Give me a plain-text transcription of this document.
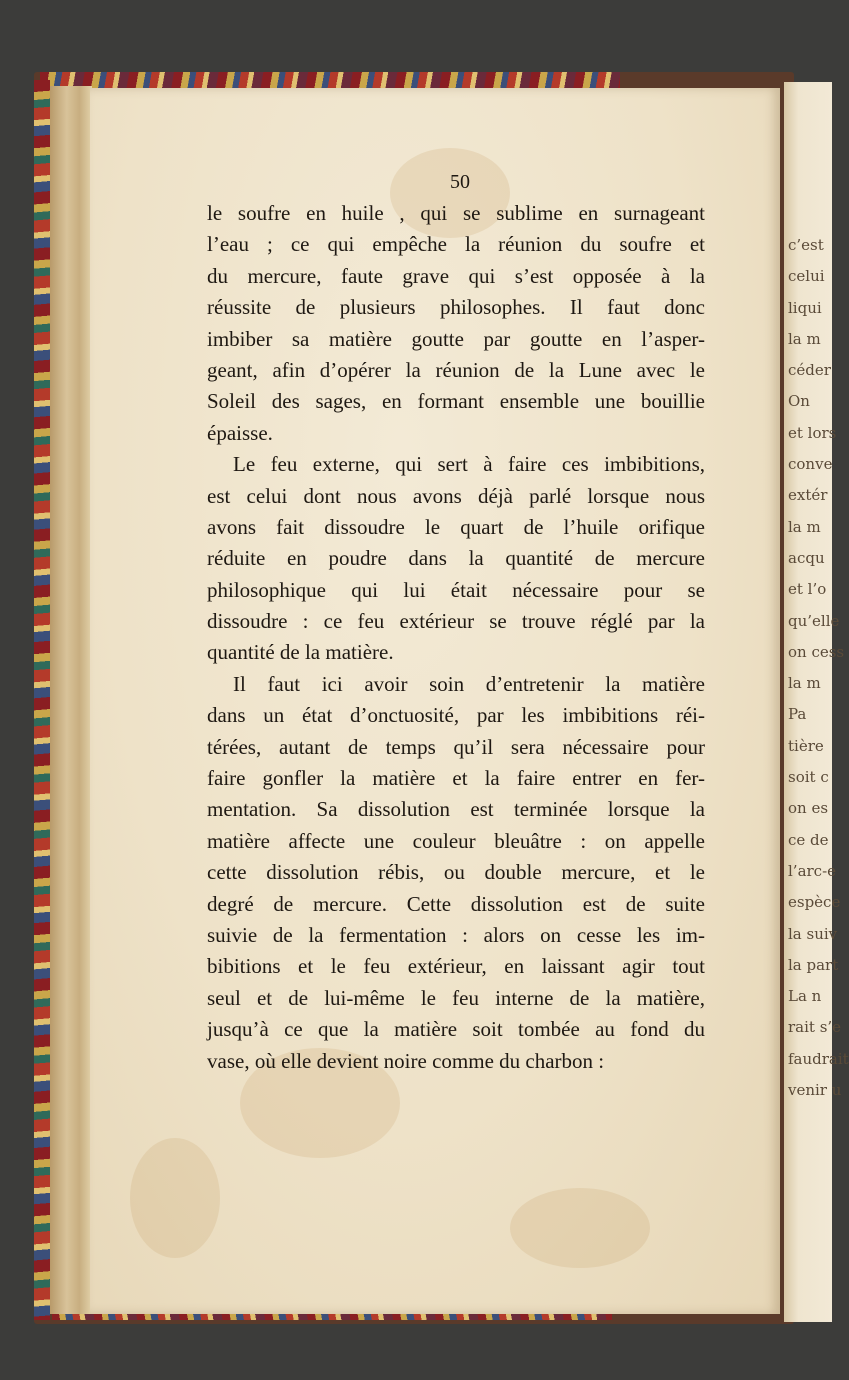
c’est
celui
liqui
la m
céder
On
et lors
conve
extér
la m
acqu
et l’o
qu’elle
on cess
la m
Pa
tière
soit c
on es
ce de
l’arc-e
espèce
la suiv
la part
La n
rait s’e
faudrait
venir u
50
le soufre en huile , qui se sublime en surnageant
l’eau ; ce qui empêche la réunion du soufre et
du mercure, faute grave qui s’est opposée à la
réussite de plusieurs philosophes. Il faut donc
imbiber sa matière goutte par goutte en l’asper-
geant, afin d’opérer la réunion de la Lune avec le
Soleil des sages, en formant ensemble une bouillie
épaisse.
Le feu externe, qui sert à faire ces imbibitions,
est celui dont nous avons déjà parlé lorsque nous
avons fait dissoudre le quart de l’huile orifique
réduite en poudre dans la quantité de mercure
philosophique qui lui était nécessaire pour se
dissoudre : ce feu extérieur se trouve réglé par la
quantité de la matière.
Il faut ici avoir soin d’entretenir la matière
dans un état d’onctuosité, par les imbibitions réi-
térées, autant de temps qu’il sera nécessaire pour
faire gonfler la matière et la faire entrer en fer-
mentation. Sa dissolution est terminée lorsque la
matière affecte une couleur bleuâtre : on appelle
cette dissolution rébis, ou double mercure, et le
degré de mercure. Cette dissolution est de suite
suivie de la fermentation : alors on cesse les im-
bibitions et le feu extérieur, en laissant agir tout
seul et de lui-même le feu interne de la matière,
jusqu’à ce que la matière soit tombée au fond du
vase, où elle devient noire comme du charbon :
